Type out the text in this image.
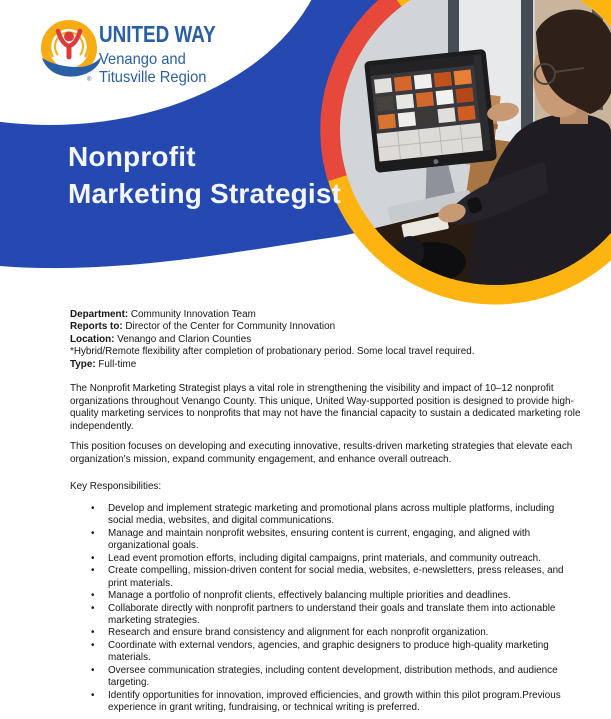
®
UNITED WAY
Venango and
Titusville Region
Nonprofit
Marketing Strategist
Department: Community Innovation Team
Reports to: Director of the Center for Community Innovation
Location: Venango and Clarion Counties
*Hybrid/Remote flexibility after completion of probationary period. Some local travel required.
Type: Full-time
The Nonprofit Marketing Strategist plays a vital role in strengthening the visibility and impact of 10–12 nonprofit
organizations throughout Venango County. This unique, United Way-supported position is designed to provide high-
quality marketing services to nonprofits that may not have the financial capacity to sustain a dedicated marketing role
independently.
This position focuses on developing and executing innovative, results-driven marketing strategies that elevate each
organization's mission, expand community engagement, and enhance overall outreach.
Key Responsibilities:
• Develop and implement strategic marketing and promotional plans across multiple platforms, including
social media, websites, and digital communications.
• Manage and maintain nonprofit websites, ensuring content is current, engaging, and aligned with
organizational goals.
• Lead event promotion efforts, including digital campaigns, print materials, and community outreach.
• Create compelling, mission-driven content for social media, websites, e-newsletters, press releases, and
print materials.
• Manage a portfolio of nonprofit clients, effectively balancing multiple priorities and deadlines.
• Collaborate directly with nonprofit partners to understand their goals and translate them into actionable
marketing strategies.
• Research and ensure brand consistency and alignment for each nonprofit organization.
• Coordinate with external vendors, agencies, and graphic designers to produce high-quality marketing
materials.
• Oversee communication strategies, including content development, distribution methods, and audience
targeting.
• Identify opportunities for innovation, improved efficiencies, and growth within this pilot program.Previous
experience in grant writing, fundraising, or technical writing is preferred.
